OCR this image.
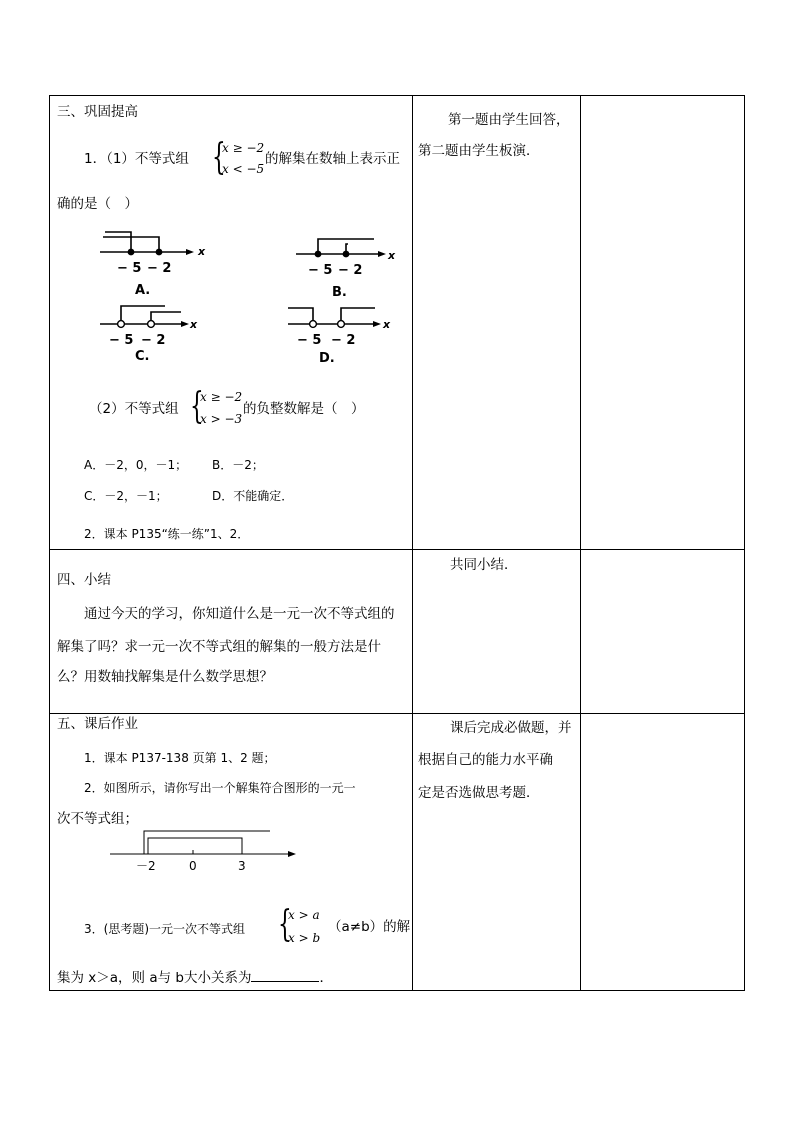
三、巩固提高
1．（1）不等式组 {
x ≥ −2
x < −5
的解集在数轴上表示正
确的是（　）
x
− 5 − 2
A.
x
− 5 − 2
B.
x
− 5 − 2
C.
x
− 5 − 2
D.
（2）不等式组 {
x ≥ −2
x > −3
的负整数解是（　）
A．－2，0，－1； B．－2；
C．－2，－1；	D．不能确定．
2．课本 P135“练一练”1、2．
第一题由学生回答，
第二题由学生板演．
四、小结
通过今天的学习，你知道什么是一元一次不等式组的
解集了吗？求一元一次不等式组的解集的一般方法是什
么？用数轴找解集是什么数学思想？
共同小结．
五、课后作业
1．课本 P137-138 页第 1、2 题；
2．如图所示，请你写出一个解集符合图形的一元一
次不等式组；
－2	0	3
3．(思考题)一元一次不等式组 {
x > a
x > b
（a≠b）的解
集为 x＞a，则 a与 b大小关系为	．
课后完成必做题，并
根据自己的能力水平确
定是否选做思考题．
